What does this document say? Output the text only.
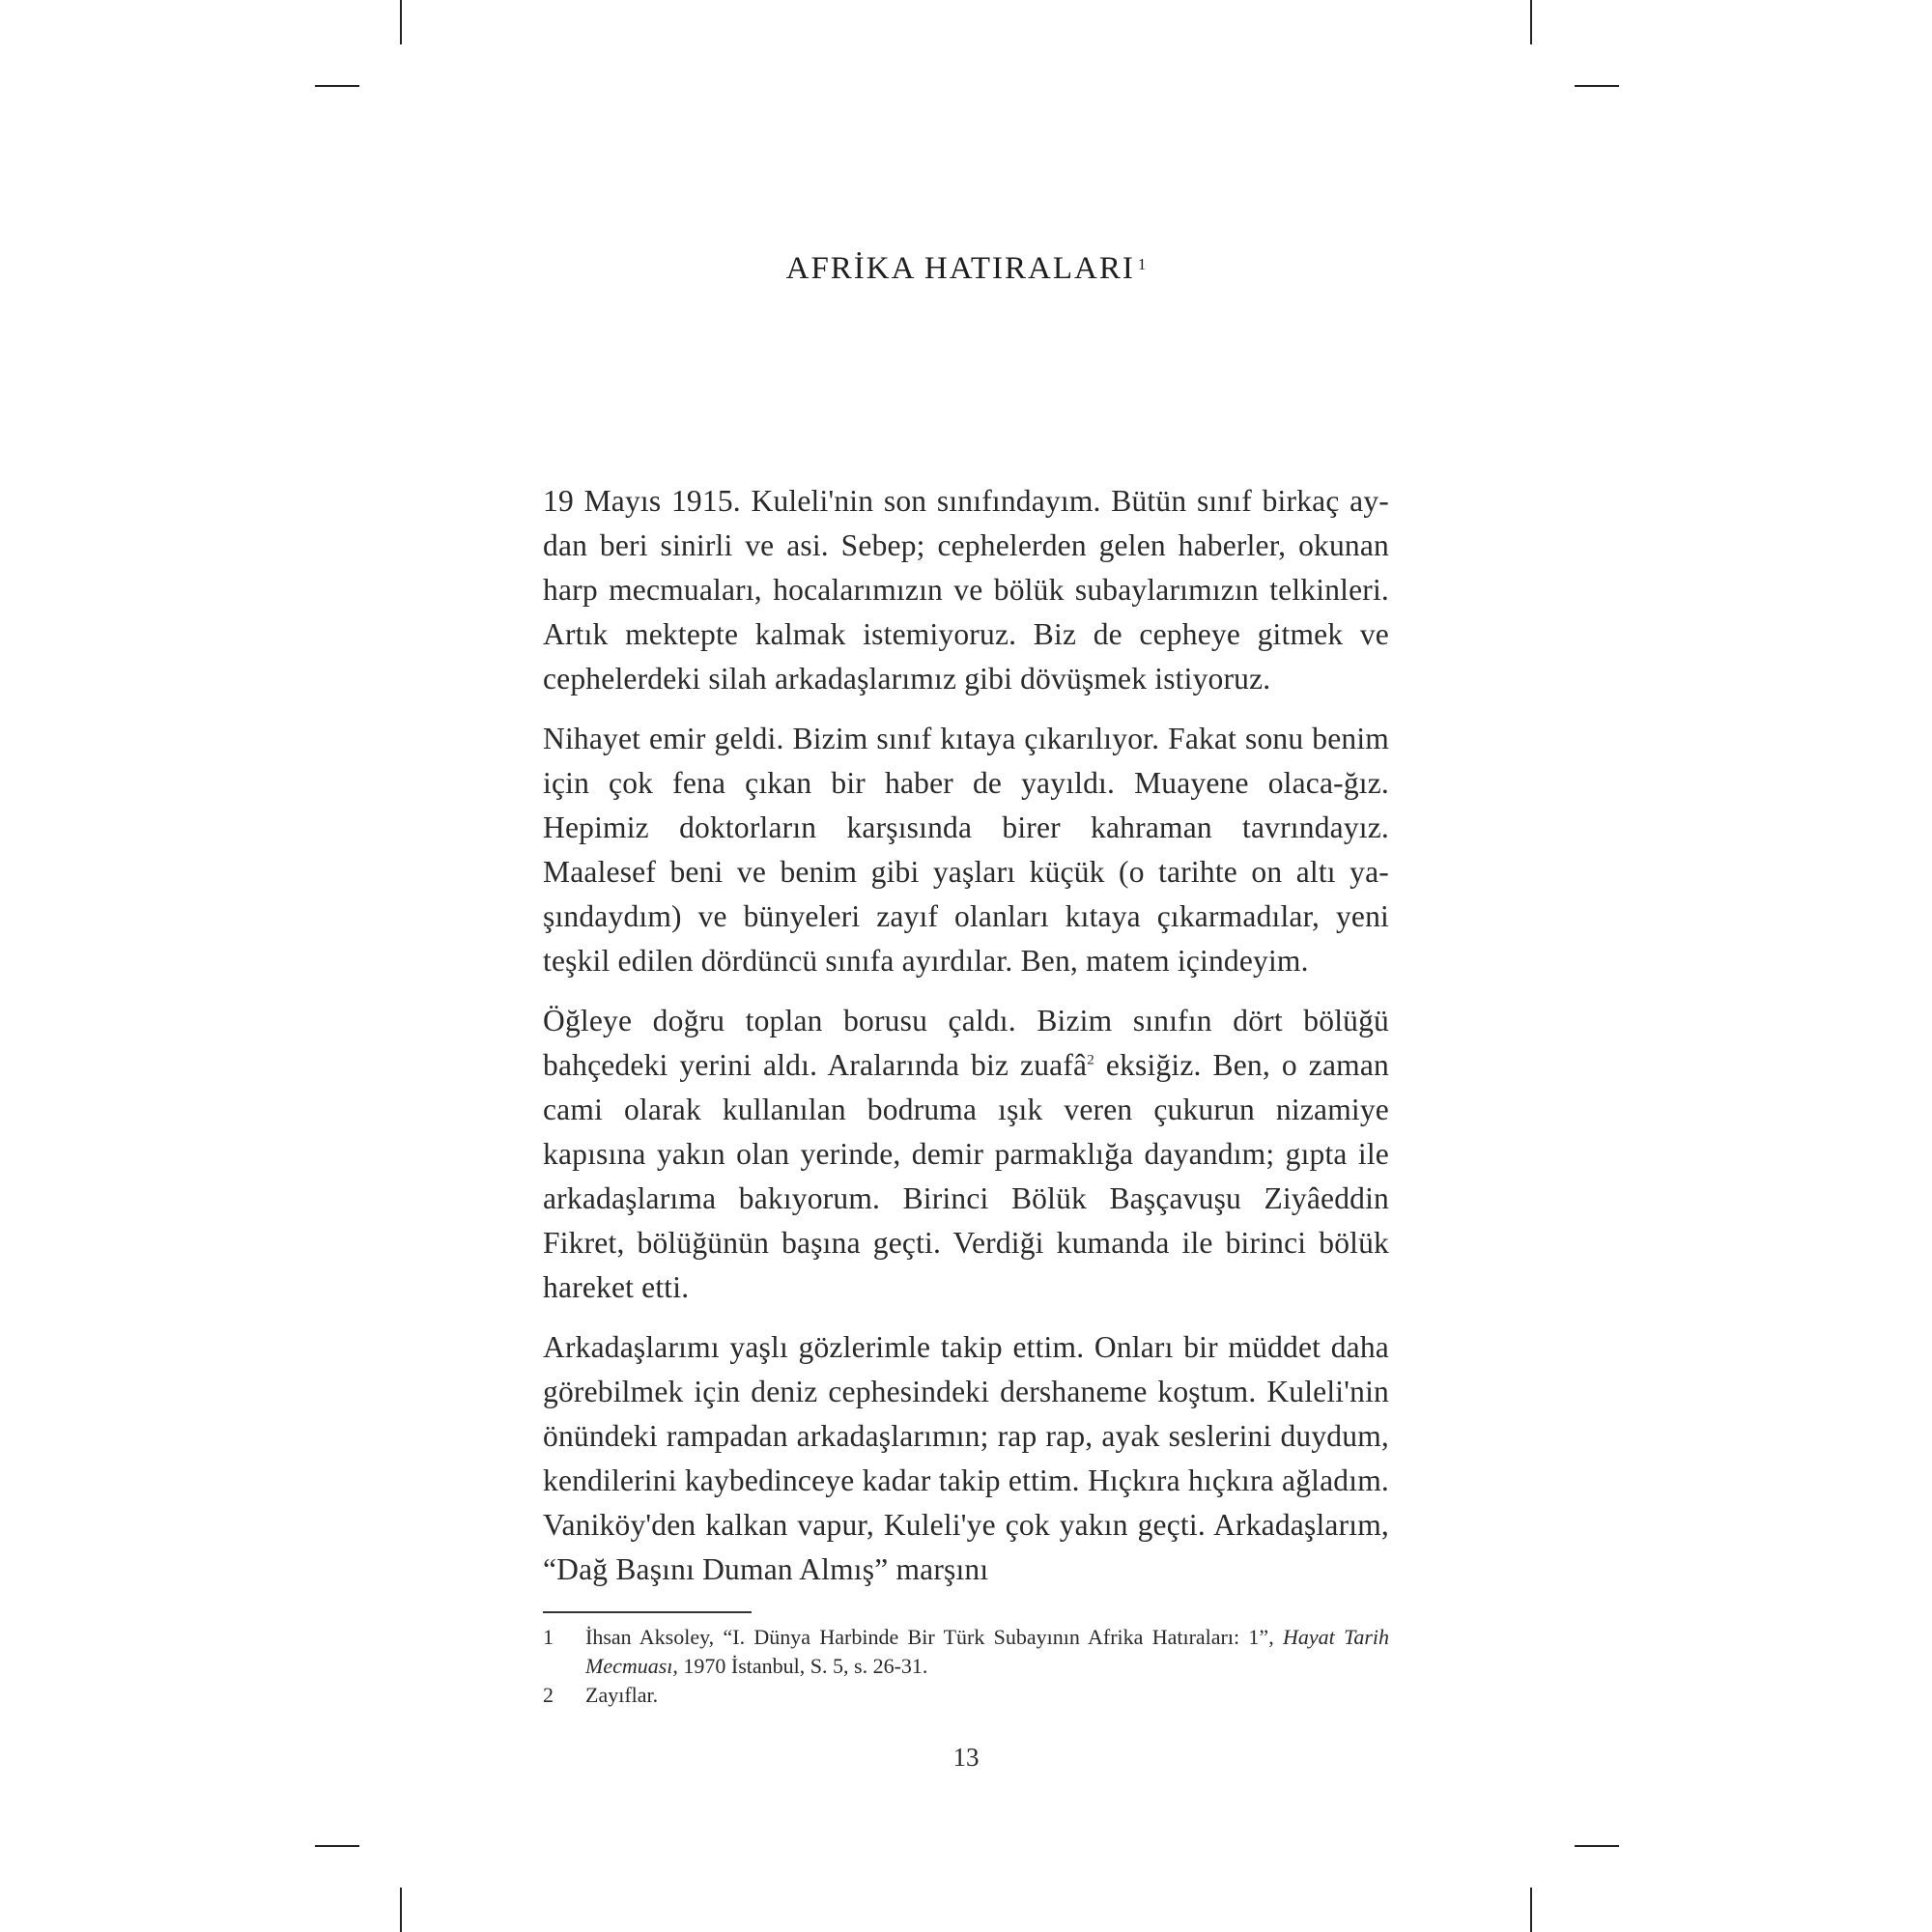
AFRİKA HATIRALARI $^1$

19 Mayıs 1915. Kuleli'nin son sınıfındayım. Bütün sınıf birkaç ay-dan beri sinirli ve asi. Sebep; cephelerden gelen haberler, okunan harp mecmuaları, hocalarımızın ve bölük subaylarımızın telkinleri. Artık mektepte kalmak istemiyoruz. Biz de cepheye gitmek ve cephelerdeki silah arkadaşlarımız gibi dövüşmek istiyoruz.

Nihayet emir geldi. Bizim sınıf kıtaya çıkarılıyor. Fakat sonu benim için çok fena çıkan bir haber de yayıldı. Muayene olaca-ğız. Hepimiz doktorların karşısında birer kahraman tavrındayız. Maalesef beni ve benim gibi yaşları küçük (o tarihte on altı ya-şındaydım) ve bünyeleri zayıf olanları kıtaya çıkarmadılar, yeni teşkil edilen dördüncü sınıfa ayırdılar. Ben, matem içindeyim.

Öğleye doğru toplan borusu çaldı. Bizim sınıfın dört bölüğü bahçedeki yerini aldı. Aralarında biz zuafâ$^2$ eksiğiz. Ben, o zaman cami olarak kullanılan bodruma ışık veren çukurun nizamiye kapısına yakın olan yerinde, demir parmaklığa dayandım; gıpta ile arkadaşlarıma bakıyorum. Birinci Bölük Başçavuşu Ziyâeddin Fikret, bölüğünün başına geçti. Verdiği kumanda ile birinci bölük hareket etti.

Arkadaşlarımı yaşlı gözlerimle takip ettim. Onları bir müddet daha görebilmek için deniz cephesindeki dershaneme koştum. Kuleli'nin önündeki rampadan arkadaşlarımın; rap rap, ayak seslerini duydum, kendilerini kaybedinceye kadar takip ettim. Hıçkıra hıçkıra ağladım. Vaniköy'den kalkan vapur, Kuleli'ye çok yakın geçti. Arkadaşlarım, “Dağ Başını Duman Almış” marşını

1	İhsan Aksoley, “I. Dünya Harbinde Bir Türk Subayının Afrika Hatıraları: 1”, Hayat Tarih Mecmuası, 1970 İstanbul, S. 5, s. 26-31.
2	Zayıflar.
13
